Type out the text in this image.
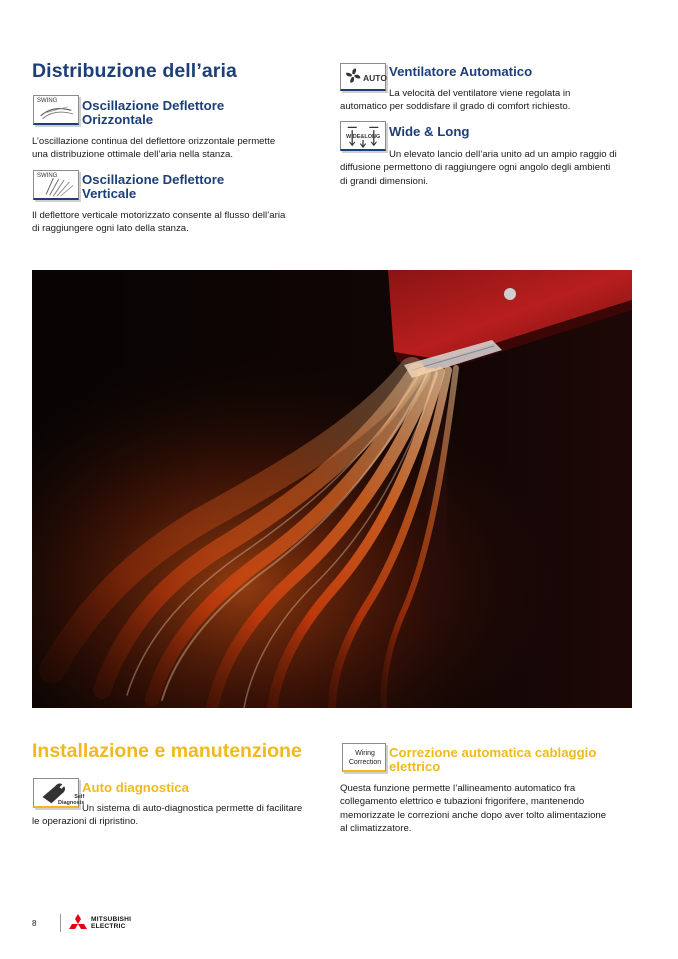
Distribuzione dell’aria
SWING Oscillazione Deflettore
Orizzontale
L’oscillazione continua del deflettore orizzontale permette
una distribuzione ottimale dell’aria nella stanza.
SWING Oscillazione Deflettore
Verticale
Il deflettore verticale motorizzato consente al flusso dell’aria
di raggiungere ogni lato della stanza.
AUTO Ventilatore Automatico
La velocità del ventilatore viene regolata in
automatico per soddisfare il grado di comfort richiesto.
WIDE&LONG Wide & Long
Un elevato lancio dell’aria unito ad un ampio raggio di
diffusione permettono di raggiungere ogni angolo degli ambienti
di grandi dimensioni.
Installazione e manutenzione
Self
Diagnosis
Auto diagnostica
Un sistema di auto-diagnostica permette di facilitare
le operazioni di ripristino.
Wiring
Correction
Correzione automatica cablaggio
elettrico
Questa funzione permette l’allineamento automatico fra
collegamento elettrico e tubazioni frigorifere, mantenendo
memorizzate le correzioni anche dopo aver tolto alimentazione
al climatizzatore.
8	MITSUBISHI
ELECTRIC
